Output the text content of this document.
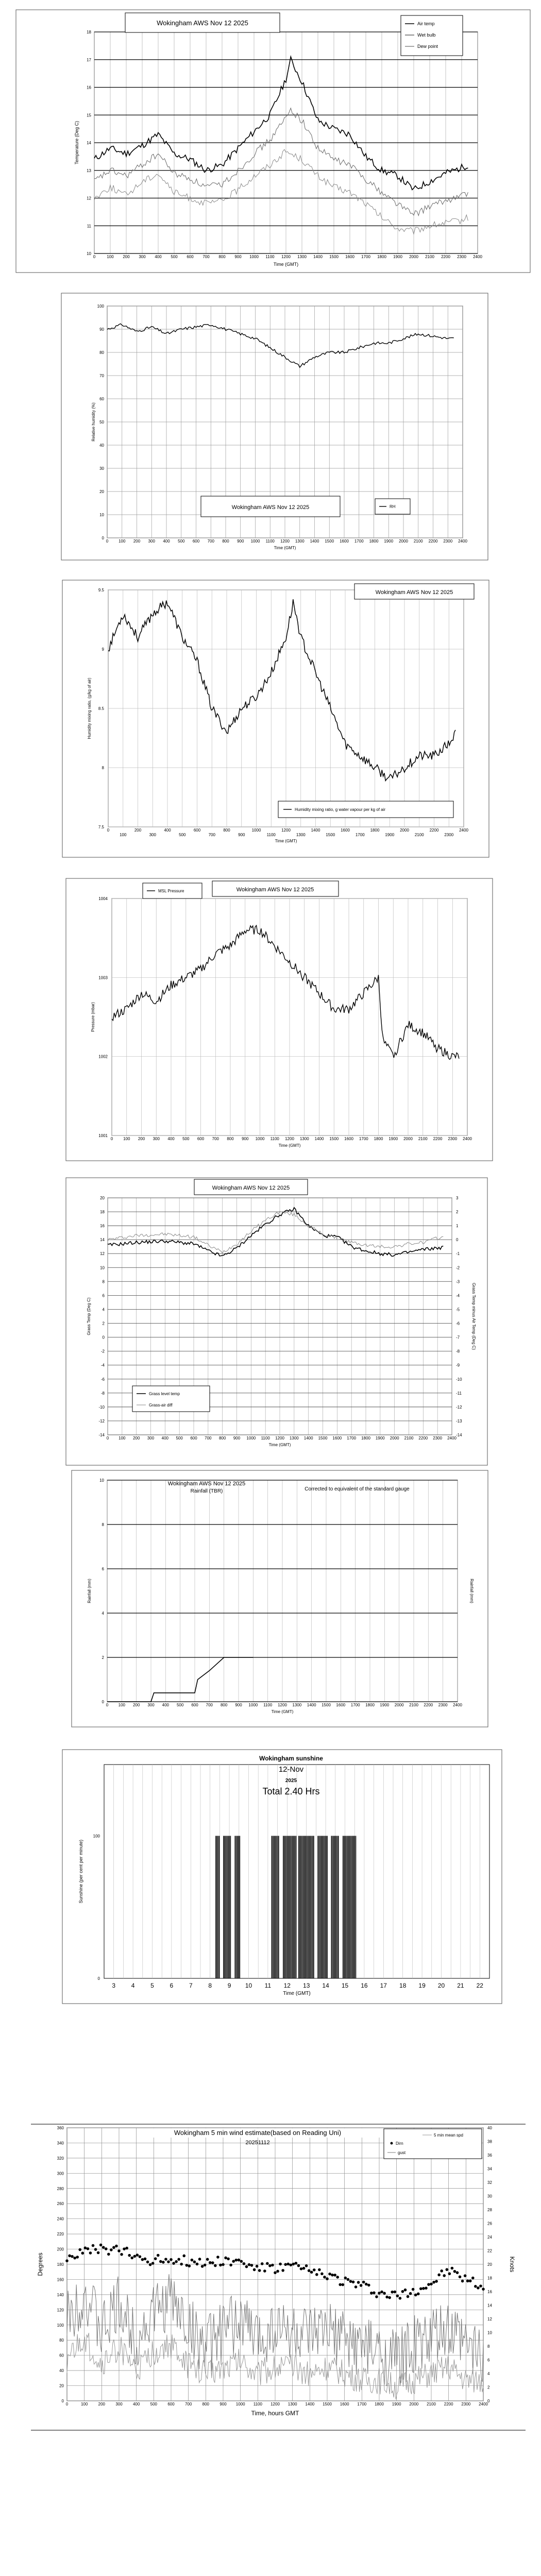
10
11
12
13
14
15
16
17
18
0	100 200 300 400 500 600 700 800 900 1000 1100 1200 1300 1400 1500 1600 1700 1800 1900 2000 2100 2200 2300 2400
Time (GMT)
Temperature (Deg C)
Wokingham AWS Nov 12 2025	Air temp
Wet bulb
Dew point
0
10
20
30
40
50
60
70
80
90
100
0 100 200 300 400 500 600 700 800 900 1000 1100 1200 1300 1400 1500 1600 1700 1800 1900 2000 2100 2200 2300 2400
Time (GMT)
Relative humidity (%)
Wokingham AWS Nov 12 2025	RH
7.5
8
8.5
9
9.5
0
100
200
300
400
500
600
700
800
900
1000
1100
1200
1300
1400
1500
1600
1700
1800
1900
2000
2100
2200
2300
2400
Time (GMT)
Humidity mixing ratio, (g/kg of air)
Wokingham AWS Nov 12 2025
Humidity mixing ratio, g water vapour per kg of air
1001
1002
1003
1004
0 100 200 300 400 500 600 700 800 900 1000 1100 1200 1300 1400 1500 1600 1700 1800 1900 2000 2100 2200 2300 2400
Time (GMT)
Pressure (mbar)
MSL Pressure	Wokingham AWS Nov 12 2025
20
18
16
14
12
10
8
6
4
2
0
-2
-4
-6
-8
-10
-12
-14
3
2
1
0
-1
-2
-3
-4
-5
-6
-7
-8
-9
-10
-11
-12
-13
-14
0 100 200 300 400 500 600 700 800 900 1000 1100 1200 1300 1400 1500 1600 1700 1800 1900 2000 2100 2200 2300 2400
Time (GMT)
Grass Temp (Deg C)	Grass Temp minus Air Temp (Deg C)
Wokingham AWS Nov 12 2025
Grass level temp
Grass-air diff
0
2
4
6
8
10
0 100 200 300 400 500 600 700 800 900 1000 1100 1200 1300 1400 1500 1600 1700 1800 1900 2000 2100 2200 2300 2400
Time (GMT)
Rainfall (mm)	Rainfall (mm)
Wokingham AWS Nov 12 2025
Rainfall (TBR)	Corrected to equivalent of the standard gauge
0
100
3	4	5	6	7	8	9 10 11 12 13 14 15 16 17 18 19 20 21 22
Time (GMT)
Sunshine (per cent per minute)
Wokingham sunshine
12-Nov
2025
Total 2.40 Hrs
0
20
40
60
80
100
120
140
160
180
200
220
240
260
280
300
320
340
360
0
2
4
6
8
10
12
14
16
18
20
22
24
26
28
30
32
34
36
38
40
0	100	200	300	400	500	600	700	800	900 1000 1100 1200 1300 1400 1500 1600 1700 1800 1900 2000 2100 2200 2300 2400
Time, hours GMT
Degrees	Knots
Wokingham 5 min wind estimate(based on Reading Uni)
20251112
5 min mean spd
Dirn
gust
